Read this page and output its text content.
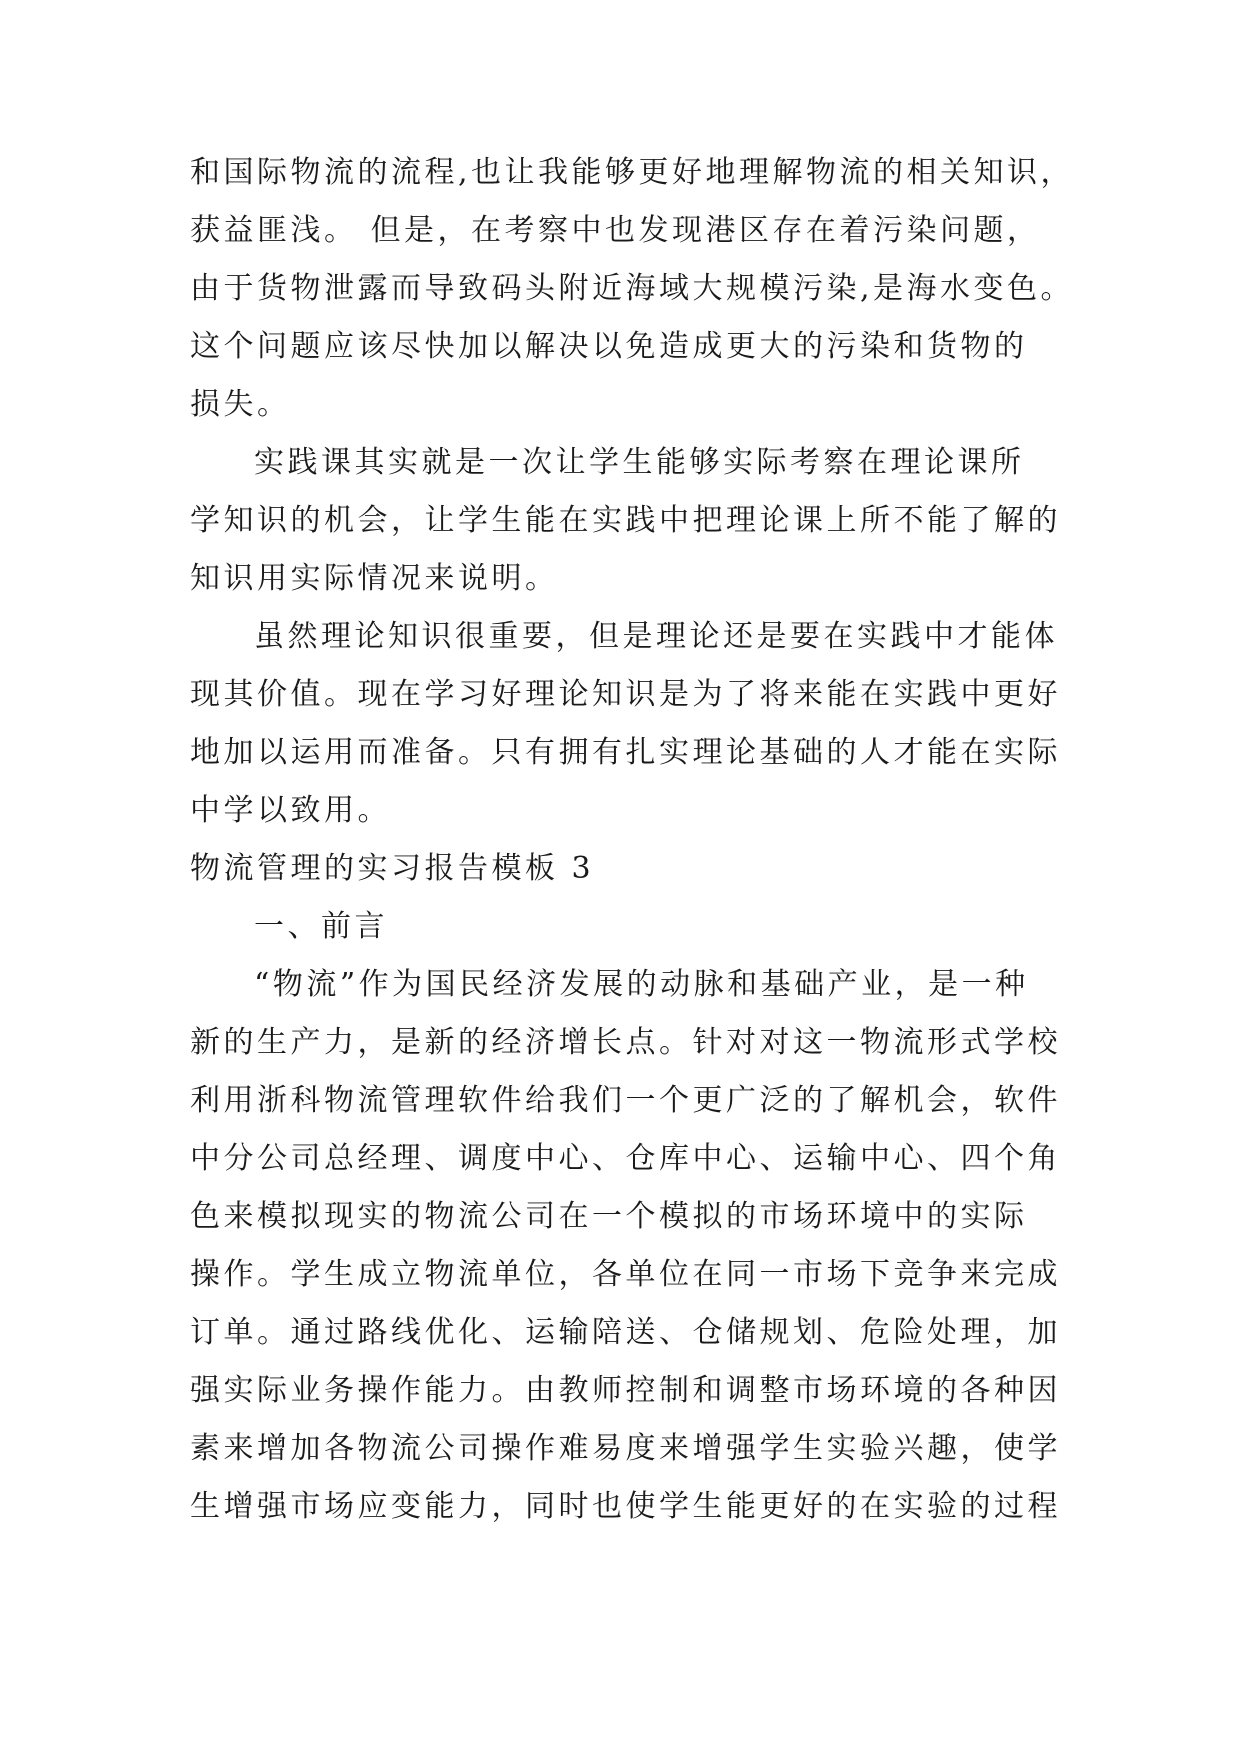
和国际物流的流程,也让我能够更好地理解物流的相关知识，
获益匪浅。 但是，在考察中也发现港区存在着污染问题，
由于货物泄露而导致码头附近海域大规模污染,是海水变色。
这个问题应该尽快加以解决以免造成更大的污染和货物的
损失。
实践课其实就是一次让学生能够实际考察在理论课所
学知识的机会，让学生能在实践中把理论课上所不能了解的
知识用实际情况来说明。
虽然理论知识很重要，但是理论还是要在实践中才能体
现其价值。现在学习好理论知识是为了将来能在实践中更好
地加以运用而准备。只有拥有扎实理论基础的人才能在实际
中学以致用。
物流管理的实习报告模板 3
一、前言
“物流”作为国民经济发展的动脉和基础产业，是一种
新的生产力，是新的经济增长点。针对对这一物流形式学校
利用浙科物流管理软件给我们一个更广泛的了解机会，软件
中分公司总经理、调度中心、仓库中心、运输中心、四个角
色来模拟现实的物流公司在一个模拟的市场环境中的实际
操作。学生成立物流单位，各单位在同一市场下竞争来完成
订单。通过路线优化、运输陪送、仓储规划、危险处理，加
强实际业务操作能力。由教师控制和调整市场环境的各种因
素来增加各物流公司操作难易度来增强学生实验兴趣，使学
生增强市场应变能力，同时也使学生能更好的在实验的过程
